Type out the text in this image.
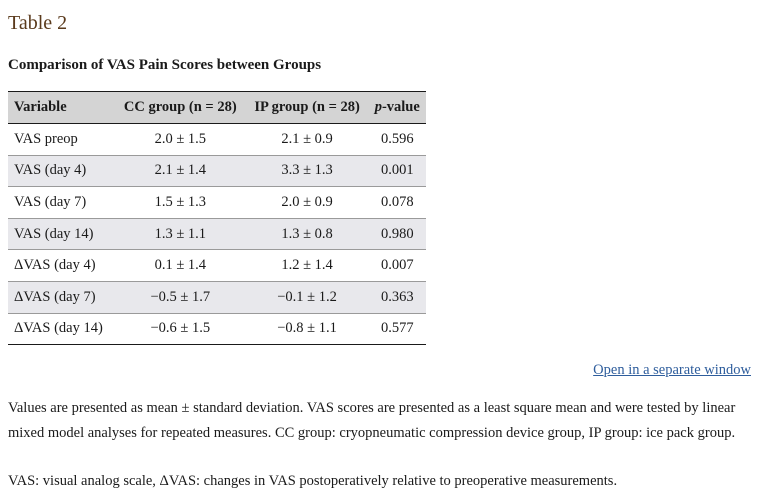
Table 2
Comparison of VAS Pain Scores between Groups
Variable	CC group (n = 28)	IP group (n = 28)	p-value
VAS preop	2.0 ± 1.5	2.1 ± 0.9	0.596
VAS (day 4)	2.1 ± 1.4	3.3 ± 1.3	0.001
VAS (day 7)	1.5 ± 1.3	2.0 ± 0.9	0.078
VAS (day 14)	1.3 ± 1.1	1.3 ± 0.8	0.980
ΔVAS (day 4)	0.1 ± 1.4	1.2 ± 1.4	0.007
ΔVAS (day 7)	−0.5 ± 1.7	−0.1 ± 1.2	0.363
ΔVAS (day 14)	−0.6 ± 1.5	−0.8 ± 1.1	0.577
Open in a separate window

Values are presented as mean ± standard deviation. VAS scores are presented as a least square mean and were tested by linear mixed model analyses for repeated measures. CC group: cryopneumatic compression device group, IP group: ice pack group.

VAS: visual analog scale, ΔVAS: changes in VAS postoperatively relative to preoperative measurements.
